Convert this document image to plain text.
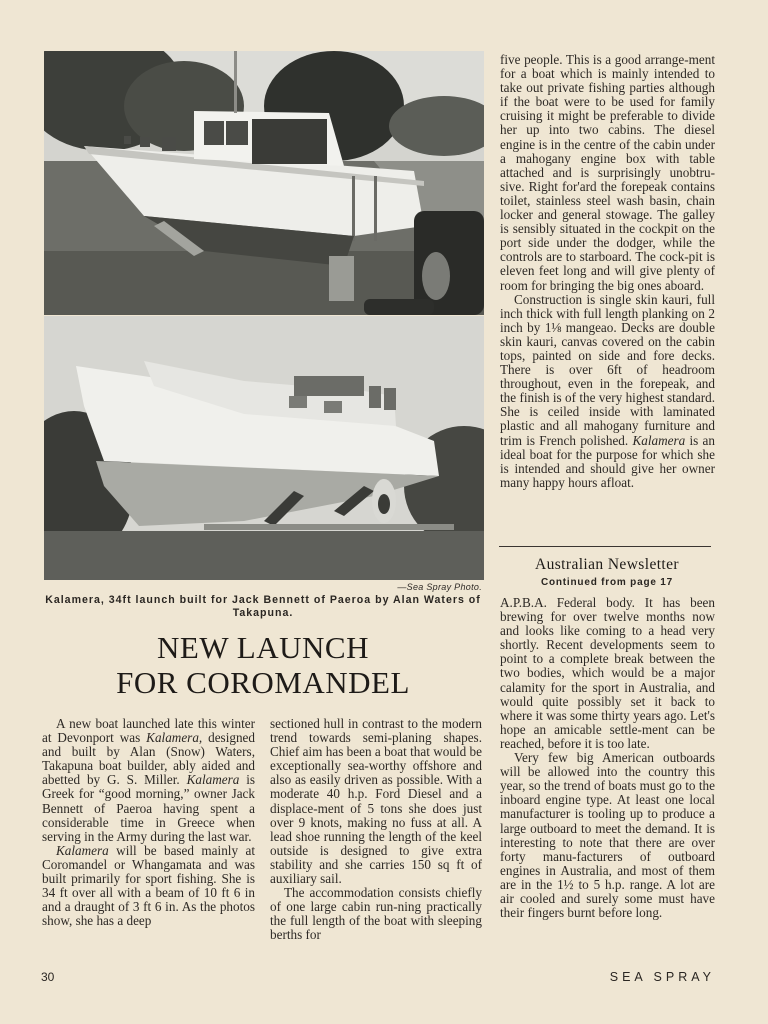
—Sea Spray Photo.
Kalamera, 34ft launch built for Jack Bennett of Paeroa by Alan Waters of Takapuna.
NEW LAUNCH
FOR COROMANDEL

A new boat launched late this winter at Devonport was Kalamera, designed and built by Alan (Snow) Waters, Takapuna boat builder, ably aided and abetted by G. S. Miller. Kalamera is Greek for “good morning,” owner Jack Bennett of Paeroa having spent a considerable time in Greece when serving in the Army during the last war.

Kalamera will be based mainly at Coromandel or Whangamata and was built primarily for sport fishing. She is 34 ft over all with a beam of 10 ft 6 in and a draught of 3 ft 6 in. As the photos show, she has a deep

sectioned hull in contrast to the modern trend towards semi-planing shapes. Chief aim has been a boat that would be exceptionally sea-worthy offshore and also as easily driven as possible. With a moderate 40 h.p. Ford Diesel and a displace-ment of 5 tons she does just over 9 knots, making no fuss at all. A lead shoe running the length of the keel outside is designed to give extra stability and she carries 150 sq ft of auxiliary sail.

The accommodation consists chiefly of one large cabin run-ning practically the full length of the boat with sleeping berths for

five people. This is a good arrange-ment for a boat which is mainly intended to take out private fishing parties although if the boat were to be used for family cruising it might be preferable to divide her up into two cabins. The diesel engine is in the centre of the cabin under a mahogany engine box with table attached and is surprisingly unobtru-sive. Right for'ard the forepeak contains toilet, stainless steel wash basin, chain locker and general stowage. The galley is sensibly situated in the cockpit on the port side under the dodger, while the controls are to starboard. The cock-pit is eleven feet long and will give plenty of room for bringing the big ones aboard.

Construction is single skin kauri, full inch thick with full length planking on 2 inch by 1⅛ mangeao. Decks are double skin kauri, canvas covered on the cabin tops, painted on side and fore decks. There is over 6ft of headroom throughout, even in the forepeak, and the finish is of the very highest standard. She is ceiled inside with laminated plastic and all mahogany furniture and trim is French polished. Kalamera is an ideal boat for the purpose for which she is intended and should give her owner many happy hours afloat.

Australian Newsletter
Continued from page 17

A.P.B.A. Federal body. It has been brewing for over twelve months now and looks like coming to a head very shortly. Recent developments seem to point to a complete break between the two bodies, which would be a major calamity for the sport in Australia, and would quite possibly set it back to where it was some thirty years ago. Let's hope an amicable settle-ment can be reached, before it is too late.

Very few big American outboards will be allowed into the country this year, so the trend of boats must go to the inboard engine type. At least one local manufacturer is tooling up to produce a large outboard to meet the demand. It is interesting to note that there are over forty manu-facturers of outboard engines in Australia, and most of them are in the 1½ to 5 h.p. range. A lot are air cooled and surely some must have their fingers burnt before long.

30	SEA SPRAY
